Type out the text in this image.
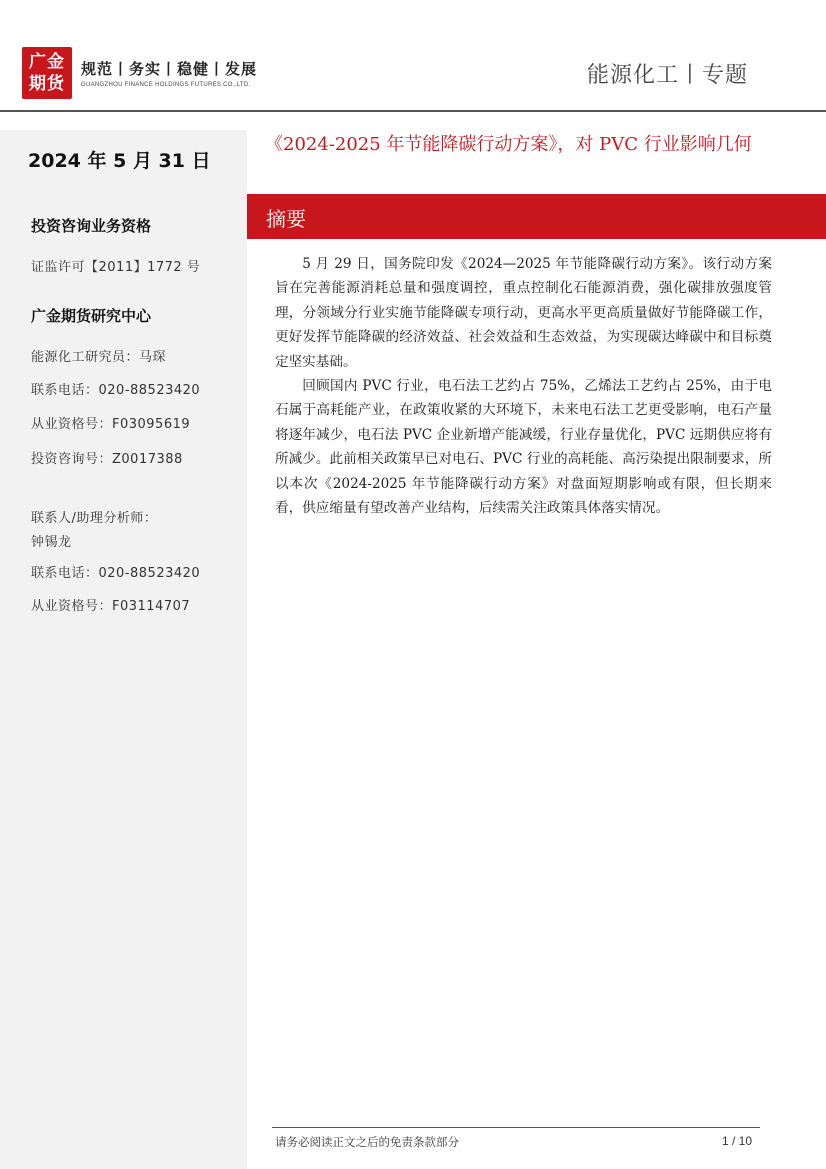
广金
期货
规范丨务实丨稳健丨发展
GUANGZHOU FINANCE HOLDINGS FUTURES CO.,LTD.	能源化工丨专题
2024 年 5 月 31 日
投资咨询业务资格
证监许可【2011】1772 号
广金期货研究中心
能源化工研究员：马琛
联系电话：020-88523420
从业资格号：F03095619
投资咨询号：Z0017388
联系人/助理分析师：
钟锡龙
联系电话：020-88523420
从业资格号：F03114707
《2024-2025 年节能降碳行动方案》，对 PVC 行业影响几何
摘要

5 月 29 日，国务院印发《2024—2025 年节能降碳行动方案》。该行动方案旨在完善能源消耗总量和强度调控，重点控制化石能源消费，强化碳排放强度管理，分领域分行业实施节能降碳专项行动，更高水平更高质量做好节能降碳工作，更好发挥节能降碳的经济效益、社会效益和生态效益，为实现碳达峰碳中和目标奠定坚实基础。

回顾国内 PVC 行业，电石法工艺约占 75%，乙烯法工艺约占 25%，由于电石属于高耗能产业，在政策收紧的大环境下，未来电石法工艺更受影响，电石产量将逐年减少，电石法 PVC 企业新增产能减缓，行业存量优化，PVC 远期供应将有所减少。此前相关政策早已对电石、PVC 行业的高耗能、高污染提出限制要求，所以本次《2024-2025 年节能降碳行动方案》对盘面短期影响或有限，但长期来看，供应缩量有望改善产业结构，后续需关注政策具体落实情况。

请务必阅读正文之后的免责条款部分	1 / 10
